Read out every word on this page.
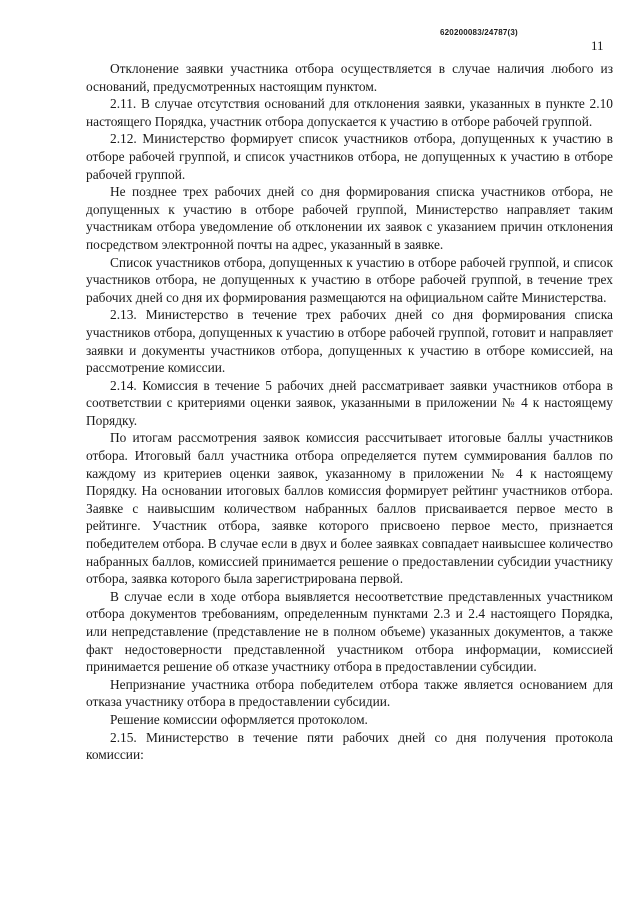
620200083/24787(3)
11

Отклонение заявки участника отбора осуществляется в случае наличия любого из оснований, предусмотренных настоящим пунктом.

2.11. В случае отсутствия оснований для отклонения заявки, указанных в пункте 2.10 настоящего Порядка, участник отбора допускается к участию в отборе рабочей группой.

2.12. Министерство формирует список участников отбора, допущенных к участию в отборе рабочей группой, и список участников отбора, не допущенных к участию в отборе рабочей группой.

Не позднее трех рабочих дней со дня формирования списка участников отбора, не допущенных к участию в отборе рабочей группой, Министерство направляет таким участникам отбора уведомление об отклонении их заявок с указанием причин отклонения посредством электронной почты на адрес, указанный в заявке.

Список участников отбора, допущенных к участию в отборе рабочей группой, и список участников отбора, не допущенных к участию в отборе рабочей группой, в течение трех рабочих дней со дня их формирования размещаются на официальном сайте Министерства.

2.13. Министерство в течение трех рабочих дней со дня формирования списка участников отбора, допущенных к участию в отборе рабочей группой, готовит и направляет заявки и документы участников отбора, допущенных к участию в отборе комиссией, на рассмотрение комиссии.

2.14. Комиссия в течение 5 рабочих дней рассматривает заявки участников отбора в соответствии с критериями оценки заявок, указанными в приложении № 4 к настоящему Порядку.

По итогам рассмотрения заявок комиссия рассчитывает итоговые баллы участников отбора. Итоговый балл участника отбора определяется путем суммирования баллов по каждому из критериев оценки заявок, указанному в приложении № 4 к настоящему Порядку. На основании итоговых баллов комиссия формирует рейтинг участников отбора. Заявке с наивысшим количеством набранных баллов присваивается первое место в рейтинге. Участник отбора, заявке которого присвоено первое место, признается победителем отбора. В случае если в двух и более заявках совпадает наивысшее количество набранных баллов, комиссией принимается решение о предоставлении субсидии участнику отбора, заявка которого была зарегистрирована первой.

В случае если в ходе отбора выявляется несоответствие представленных участником отбора документов требованиям, определенным пунктами 2.3 и 2.4 настоящего Порядка, или непредставление (представление не в полном объеме) указанных документов, а также факт недостоверности представленной участником отбора информации, комиссией принимается решение об отказе участнику отбора в предоставлении субсидии.

Непризнание участника отбора победителем отбора также является основанием для отказа участнику отбора в предоставлении субсидии.

Решение комиссии оформляется протоколом.

2.15. Министерство в течение пяти рабочих дней со дня получения протокола комиссии:
